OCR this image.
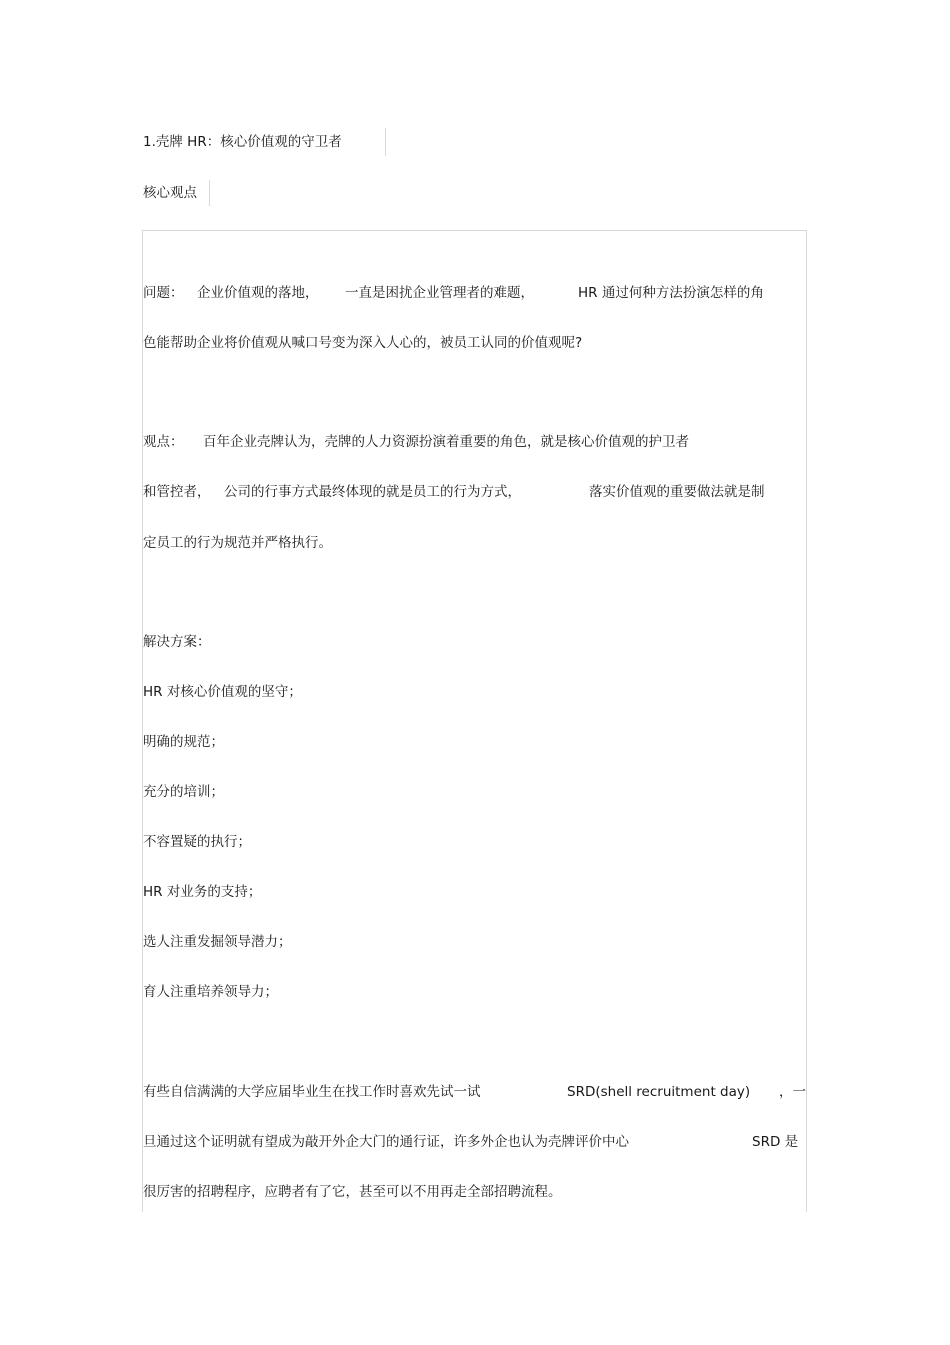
1.壳牌 HR：核心价值观的守卫者
核心观点
问题： 企业价值观的落地， 一直是困扰企业管理者的难题，	HR 通过何种方法扮演怎样的角
色能帮助企业将价值观从喊口号变为深入人心的，被员工认同的价值观呢?
观点： 百年企业壳牌认为，壳牌的人力资源扮演着重要的角色，就是核心价值观的护卫者
和管控者， 公司的行事方式最终体现的就是员工的行为方式，	落实价值观的重要做法就是制
定员工的行为规范并严格执行。
解决方案：
HR 对核心价值观的坚守；
明确的规范；
充分的培训；
不容置疑的执行；
HR 对业务的支持；
选人注重发掘领导潜力；
育人注重培养领导力；
有些自信满满的大学应届毕业生在找工作时喜欢先试一试	SRD(shell recruitment day) ，一
旦通过这个证明就有望成为敲开外企大门的通行证，许多外企也认为壳牌评价中心	SRD 是
很厉害的招聘程序，应聘者有了它，甚至可以不用再走全部招聘流程。
